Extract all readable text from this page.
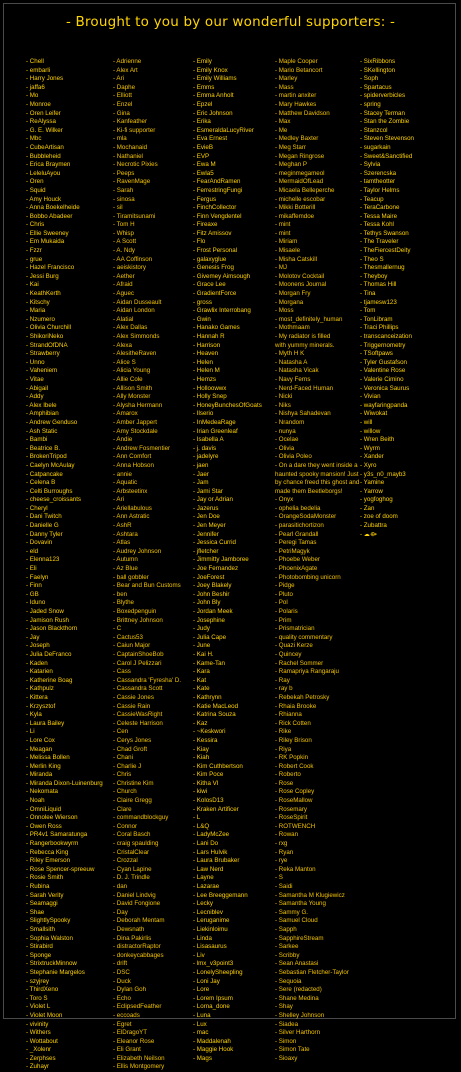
- Brought to you by our wonderful supporters: -
- Chell
- embarli
- Harry Jones
- jaffa6
- Mo
- Monroe
- Oren Leifer
- ReAlyssa
- G. E. Wilker
- Mbc
- CubeArtisan
- Bubbleheid
- Erica Braymen
- LeleluAyou
- Oren
- Squid
- Amy Houck
- Anna Boekelheide
- Bobbo Abadeer
- Chris
- Ellie Sweeney
- Em Mukaida
- Fzzr
- grue
- Hazel Francisco
- Jessi Burg
- Kai
- KeathKerth
- Kitschy
- Maria
- Nzumero
- Olivia Churchill
- ShikoriNeko
- StrandOfDNA
- Strawberry
- Unno
- Vaheniem
- Vitae
- Abigail
- Addy
- Alex Ibele
- Amphibian
- Andrew Genduso
- Ash Static
- Bambi
- Beatrice B.
- BrokenTripod
- Caelyn McAulay
- Catpancake
- Celena B
- Celti Burroughs
- cheese_croissants
- Cheryl
- Dani Twitch
- Danielle G
- Danny Tyler
- Dovavin
- eld
- Elenna123
- Eli
- Faelyn
- Finn
- GB
- Iduno
- Jaded Snow
- Jamison Rush
- Jason Blackthorn
- Jay
- Joseph
- Julia DeFranco
- Kaden
- Katarien
- Katherine Boag
- Kathpulz
- Kittera
- Krzysztof
- Kyla
- Laura Bailey
- Li
- Lore Cox
- Meagan
- Melissa Bollen
- Merlin King
- Miranda
- Miranda Dixon-Luinenburg
- Nekomata
- Noah
- OmniLiquid
- Onnolee Wierson
- Owen Ross
- PR4v1 Samaratunga
- Rangerbookwyrm
- Rebecca King
- Riley Emerson
- Rose Spencer-spreeuw
- Rosie Smith
- Rubina
- Sarah Verity
- Seamaggi
- Shae
- SlightlySpooky
- Smallsith
- Sophia Walston
- Stirabird
- Sponge
- StrixtruckMinnow
- Stephanie Margelos
- szyjrey
- ThirdXeno
- Toro S
- Violet L
- Violet Moon
- vivinity
- Withers
- Wottabout
- _Xolenr
- Zerphses
- Zuhayr
- Adrienne
- Alex Art
- Ari
- Daphe
- Elliott
- Enzel
- Gina
- Kanfeather
- Ki-fi supporter
- mla
- Mochanaid
- Nathaniel
- Necrotic Pixies
- Peeps
- RavenMage
- Sarah
- sinosa
- sil
- Tiramitsunami
- Tom H
- Whisp
- A Scott
- A. Ndy
- AA Coffinson
- aeiskistory
- Aether
- Afraid
- Aguec
- Aidan Dusseault
- Aidan London
- Alatial
- Alex Dallas
- Alex Simmonds
- Alexa
- AlesitheRaven
- Alice S
- Alicia Young
- Allie Cole
- Allison Smith
- Ally Monster
- Alysha Hermann
- Amarox
- Amber Jappert
- Amy Stockdale
- Andie
- Andrew Fosmentier
- Ann Comfort
- Anna Hobson
- annie
- Aquatic
- Arbsteetinx
- Ari
- Ariellabulous
- Ann Astratic
- AshR
- Ashtara
- Atlas
- Audrey Johnson
- Autumn
- Az Blue
- ball gobbler
- Bear and Bun Customs
- ben
- Blythe
- Boxedpenguin
- Brittney Johnson
- C
- Cactus53
- Caiun Major
- CaptainShoeBob
- Carol J Pelizzari
- Cass
- Cassandra 'Fyresha' D.
- Cassandra Scott
- Cassie Jones
- Cassie Rain
- CassieWasRight
- Celeste Harrison
- Cen
- Cerys Jones
- Chad Groft
- Chani
- Charlie J
- Chris
- Christine Kim
- Church
- Claire Gregg
- Clare
- commandblockguy
- Connor
- Coral Basch
- craig spaulding
- CristalClear
- Crozzal
- Cyan Lapine
- D. J. Trindle
- dan
- Daniel Lindvig
- David Fongione
- Day
- Deborah Mentam
- Dewsnath
- Dina Pakirlis
- distractorRaptor
- donkeycabbages
- drift
- DSC
- Duck
- Dylan Goh
- Echo
- EclipsedFeather
- eccoads
- Egret
- ElDragoYT
- Eleanor Rose
- Eli Grant
- Elizabeth Neilson
- Ellis Montgomery
- Emily
- Emily Knox
- Emily Williams
- Emms
- Emma Anholt
- Epzel
- Eric Johnson
- Erika
- EsmeraldaLucyRiver
- Eva Ernest
- EvieB
- EVP
- Ewa M
- Ewla5
- FearAndRamen
- FerrestringFungi
- Fergus
- FinchCollector
- Finn Vengdentel
- Fireaxe
- Fitz Amissov
- Flo
- Frost Personal
- galaxyglue
- Genesis Frog
- Givemey Aimsough
- Grace Lee
- GradientForce
- gross
- Grawlix Interrobang
- Gwin
- Hanako Games
- Hannah R
- Harrison
- Heaven
- Helen
- Helen M
- Hemzs
- Holloowwx
- Holly Snep
- HoneyBunchesOfGoats
- Ilserio
- InMedeaRage
- Irian Greenleaf
- Isabella A
- j. davis
- jadelyre
- jaen
- Jaer
- Jam
- Jami Star
- Jay or Adrian
- Jazerus
- Jen Doe
- Jen Meyer
- Jennifer
- Jessica Currid
- jfletcher
- Jimmitty Jamboree
- Joe Fernandez
- JoeForest
- Joey Blakely
- John Beshir
- John Bly
- Jordan Meek
- Josephine
- Judy
- Julia Cape
- June
- Kai H.
- Kame-Tan
- Kara
- Kat
- Kate
- Kathrynn
- Katie MacLeod
- Katrina Souza
- Kaz
- ~Keskwori
- Kessira
- Kiay
- Kiah
- Kim Cuthbertson
- Kim Poce
- Kitha VI
- kiwi
- KolosD13
- Kraken Artificer
- L
- L&Q
- LadyMcZee
- Lani Do
- Lars Hulvik
- Laura Brubaker
- Law Nerd
- Layne
- Lazarae
- Lee Breeggemann
- Lecky
- Lecniblev
- Leruganime
- Liekinloimu
- Linda
- Lisasaurus
- Liv
- lmx_v3point3
- LonelySheepling
- Loni Jay
- Lore
- Lorem Ipsum
- Lorna_done
- Luna
- Lux
- mac
- Maddalenah
- Maggie Hook
- Mags
- Maple Cooper
- Mario Betancort
- Marley
- Mass
- martin anxiter
- Mary Hawkes
- Matthew Davidson
- Max
- Me
- Medley Baxter
- Meg Starr
- Megan Ringrose
- Meghan P
- meginmegameol
- MermaidOfLead
- Micaela Belleperche
- michelle escobar
- Mikki Botterill
- mikaffemdoe
- mint
- mint
- Miriam
- Misaele
- Misha Catskill
- MJ
- Molotov Cocktail
- Moonens Journal
- Morgan Fry
- Morgana
- Moss
- most_definitely_human
- Mothmaam
- My radiator is filled
with yummy minerals.
- Myth H K
- Natasha A
- Natasha Vicak
- Navy Ferns
- Nerd-Faced Human
- Nicki
- Niks
- Nishya Sahadevan
- Nrandom
- nunya
- Ocelae
- Olivia
- Olivia Poleo
- On a dare they went inside a
haunted spooky mansion! Just
by chance freed this ghost and
made them Beetleborgs!
- Onyx
- ophelia bedelia
- OrangeSodaMonster
- parasitichortizon
- Pearl Grandall
- Peregi Tamas
- PetriMagyk
- Phoebe Weber
- PhoenixAgate
- Photobombing unicorn
- Pidge
- Pluto
- Pol
- Polaris
- Prim
- Prismatrician
- quality commentary
- Quazi Kerze
- Quincey
- Rachel Sommer
- Ramapriya Rangaraju
- Ray
- ray b
- Rebekah Petrosky
- Rhaia Brooke
- Rhianna
- Rick Cotten
- Rike
- Riley Brison
- Riya
- RK Popkin
- Robert Cook
- Roberto
- Rose
- Rose Copley
- RoseMallow
- Rosemary
- RoseSpirit
- ROTWENCH
- Rowan
- rxg
- Ryan
- rye
- Reka Manton
- S
- Saidi
- Samantha M Klugiewicz
- Samantha Young
- Sammy G.
- Samuel Cloud
- Sapph
- SapphireStream
- Sarkee
- Scribby
- Sean Anastasi
- Sebastian Fletcher-Taylor
- Sequoia
- Sere (redacted)
- Shane Medina
- Shay
- Shelley Johnson
- Siadea
- Silver Harthorn
- Simon
- Simon Tate
- Sioaxy
- SixRibbons
- SKellington
- Soph
- Spartacus
- spiderverbicles
- spring
- Stacey Terman
- Stan the Zombie
- Stanzcol
- Steven Stevenson
- sugarkain
- Sweet&Sanctified
- Sylvia
- Szerencska
- tamtheotter
- Taylor Helms
- Teacup
- TeraCarbone
- Tessa Maire
- Tessa Kohl
- Tethys Swanson
- The Traveler
- TheFiercestDeity
- Theo S
- Thesmallernug
- Theyboy
- Thomas Hill
- Tina
- tjamesw123
- Tom
- TonLibram
- Traci Phillips
- transcanceization
- Triggernometry
- TSoftpaws
- Tyler Gustafson
- Valentine Rose
- Valerie Cimino
- Veronica Saurus
- Vivian
- wayfaringpanda
- Wiwokat
- will
- willow
- Wren Beith
- Wyrm
- Xander
- Xyro
- y3s_n0_mayb3
- Yamine
- Yarrow
- yogfoghog
- Zan
- zoe of doom
- Zubattra
- ☁⟴
